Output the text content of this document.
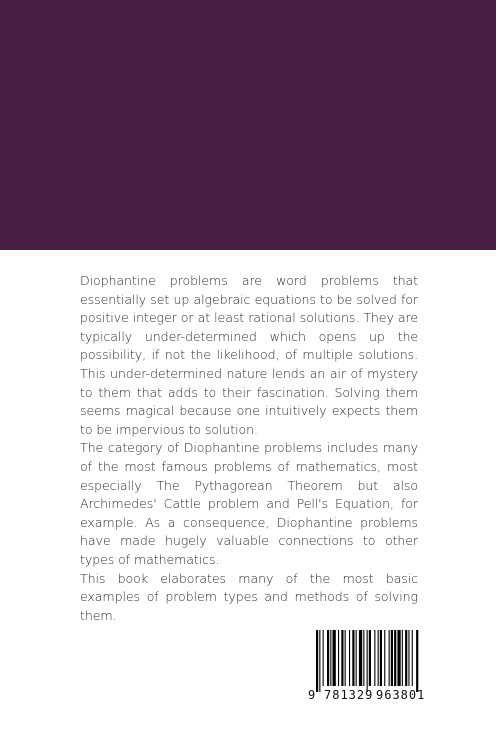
Diophantine problems are word problems that essentially set up algebraic equations to be solved for positive integer or at least rational solutions. They are typically under-determined which opens up the possibility, if not the likelihood, of multiple solutions. This under-determined nature lends an air of mystery to them that adds to their fascination. Solving them seems magical because one intuitively expects them to be impervious to solution.

The category of Diophantine problems includes many of the most famous problems of mathematics, most especially The Pythagorean Theorem but also Archimedes' Cattle problem and Pell's Equation, for example. As a consequence, Diophantine problems have made hugely valuable connections to other types of mathematics.

This book elaborates many of the most basic examples of problem types and methods of solving them.

9 781329 963801
